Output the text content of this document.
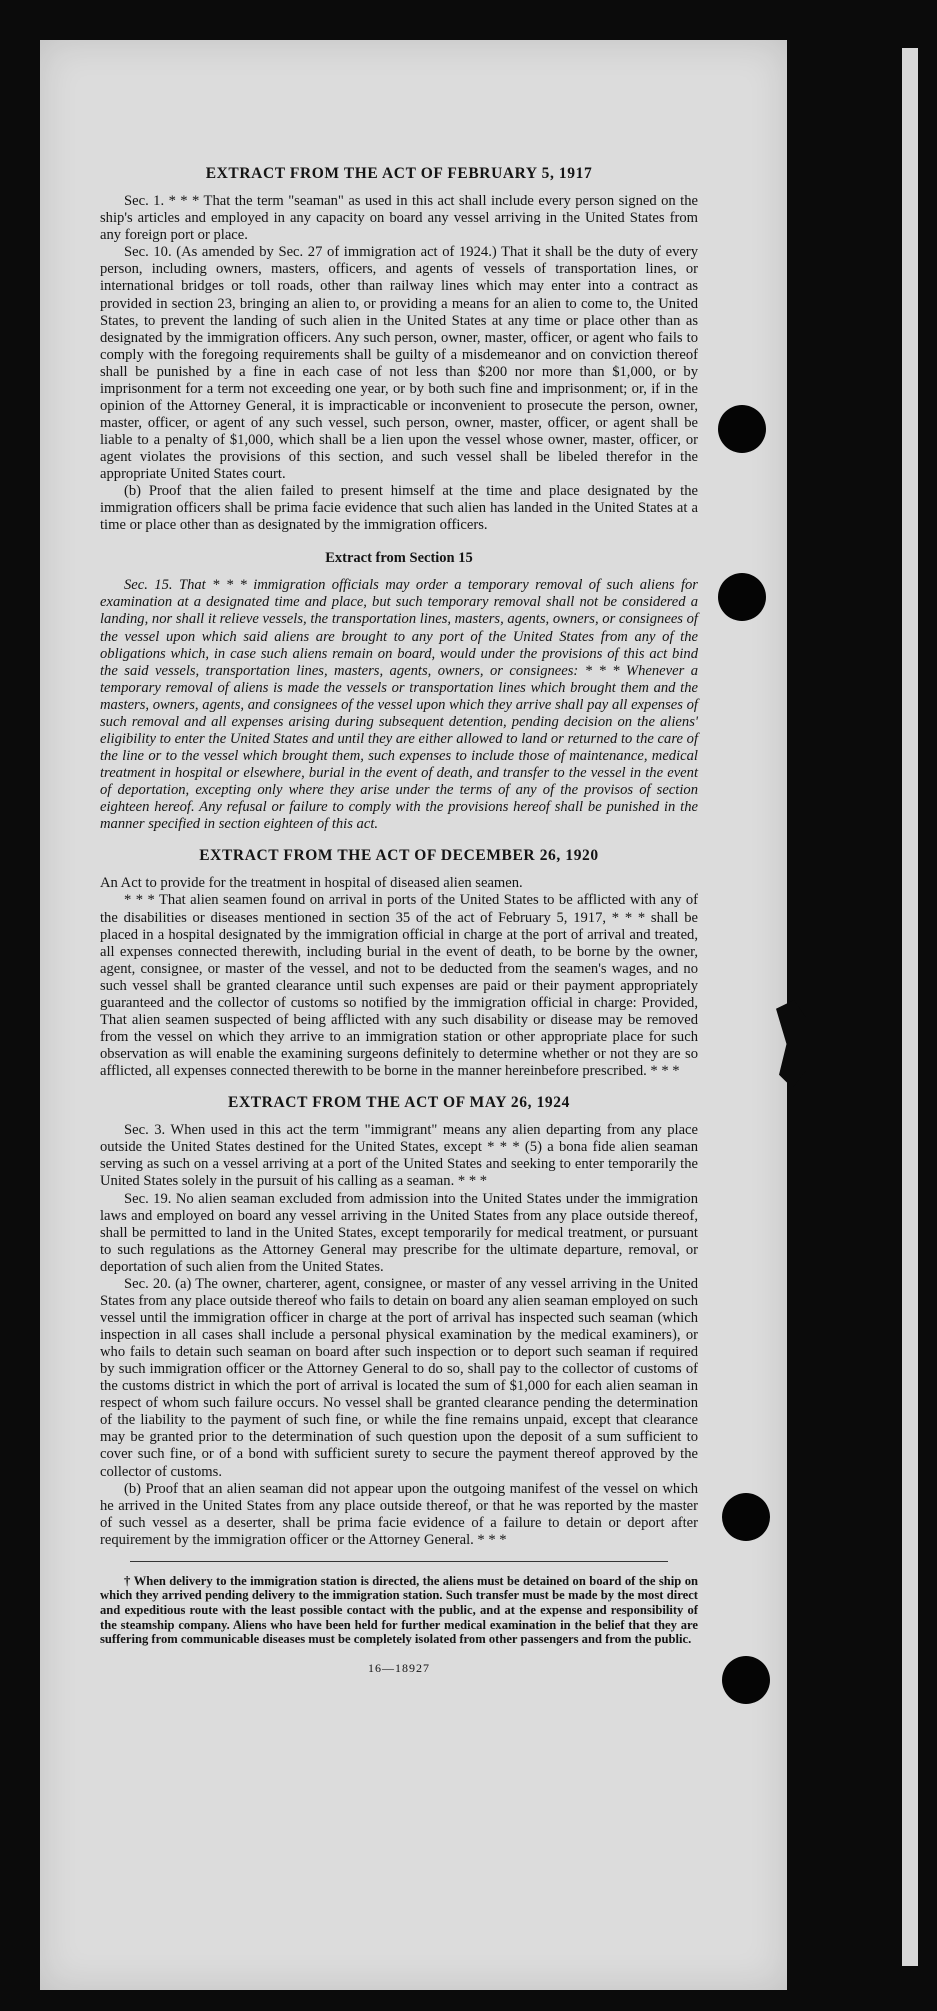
EXTRACT FROM THE ACT OF FEBRUARY 5, 1917

Sec. 1. * * * That the term "seaman" as used in this act shall include every person signed on the ship's articles and employed in any capacity on board any vessel arriving in the United States from any foreign port or place.

Sec. 10. (As amended by Sec. 27 of immigration act of 1924.) That it shall be the duty of every person, including owners, masters, officers, and agents of vessels of transportation lines, or international bridges or toll roads, other than railway lines which may enter into a contract as provided in section 23, bringing an alien to, or providing a means for an alien to come to, the United States, to prevent the landing of such alien in the United States at any time or place other than as designated by the immigration officers. Any such person, owner, master, officer, or agent who fails to comply with the foregoing requirements shall be guilty of a misdemeanor and on conviction thereof shall be punished by a fine in each case of not less than $200 nor more than $1,000, or by imprisonment for a term not exceeding one year, or by both such fine and imprisonment; or, if in the opinion of the Attorney General, it is impracticable or inconvenient to prosecute the person, owner, master, officer, or agent of any such vessel, such person, owner, master, officer, or agent shall be liable to a penalty of $1,000, which shall be a lien upon the vessel whose owner, master, officer, or agent violates the provisions of this section, and such vessel shall be libeled therefor in the appropriate United States court.

(b) Proof that the alien failed to present himself at the time and place designated by the immigration officers shall be prima facie evidence that such alien has landed in the United States at a time or place other than as designated by the immigration officers.

Extract from Section 15

Sec. 15. That * * * immigration officials may order a temporary removal of such aliens for examination at a designated time and place, but such temporary removal shall not be considered a landing, nor shall it relieve vessels, the transportation lines, masters, agents, owners, or consignees of the vessel upon which said aliens are brought to any port of the United States from any of the obligations which, in case such aliens remain on board, would under the provisions of this act bind the said vessels, transportation lines, masters, agents, owners, or consignees: * * * Whenever a temporary removal of aliens is made the vessels or transportation lines which brought them and the masters, owners, agents, and consignees of the vessel upon which they arrive shall pay all expenses of such removal and all expenses arising during subsequent detention, pending decision on the aliens' eligibility to enter the United States and until they are either allowed to land or returned to the care of the line or to the vessel which brought them, such expenses to include those of maintenance, medical treatment in hospital or elsewhere, burial in the event of death, and transfer to the vessel in the event of deportation, excepting only where they arise under the terms of any of the provisos of section eighteen hereof. Any refusal or failure to comply with the provisions hereof shall be punished in the manner specified in section eighteen of this act.

EXTRACT FROM THE ACT OF DECEMBER 26, 1920

An Act to provide for the treatment in hospital of diseased alien seamen.

* * * That alien seamen found on arrival in ports of the United States to be afflicted with any of the disabilities or diseases mentioned in section 35 of the act of February 5, 1917, * * * shall be placed in a hospital designated by the immigration official in charge at the port of arrival and treated, all expenses connected therewith, including burial in the event of death, to be borne by the owner, agent, consignee, or master of the vessel, and not to be deducted from the seamen's wages, and no such vessel shall be granted clearance until such expenses are paid or their payment appropriately guaranteed and the collector of customs so notified by the immigration official in charge: Provided, That alien seamen suspected of being afflicted with any such disability or disease may be removed from the vessel on which they arrive to an immigration station or other appropriate place for such observation as will enable the examining surgeons definitely to determine whether or not they are so afflicted, all expenses connected therewith to be borne in the manner hereinbefore prescribed. * * *

EXTRACT FROM THE ACT OF MAY 26, 1924

Sec. 3. When used in this act the term "immigrant" means any alien departing from any place outside the United States destined for the United States, except * * * (5) a bona fide alien seaman serving as such on a vessel arriving at a port of the United States and seeking to enter temporarily the United States solely in the pursuit of his calling as a seaman. * * *

Sec. 19. No alien seaman excluded from admission into the United States under the immigration laws and employed on board any vessel arriving in the United States from any place outside thereof, shall be permitted to land in the United States, except temporarily for medical treatment, or pursuant to such regulations as the Attorney General may prescribe for the ultimate departure, removal, or deportation of such alien from the United States.

Sec. 20. (a) The owner, charterer, agent, consignee, or master of any vessel arriving in the United States from any place outside thereof who fails to detain on board any alien seaman employed on such vessel until the immigration officer in charge at the port of arrival has inspected such seaman (which inspection in all cases shall include a personal physical examination by the medical examiners), or who fails to detain such seaman on board after such inspection or to deport such seaman if required by such immigration officer or the Attorney General to do so, shall pay to the collector of customs of the customs district in which the port of arrival is located the sum of $1,000 for each alien seaman in respect of whom such failure occurs. No vessel shall be granted clearance pending the determination of the liability to the payment of such fine, or while the fine remains unpaid, except that clearance may be granted prior to the determination of such question upon the deposit of a sum sufficient to cover such fine, or of a bond with sufficient surety to secure the payment thereof approved by the collector of customs.

(b) Proof that an alien seaman did not appear upon the outgoing manifest of the vessel on which he arrived in the United States from any place outside thereof, or that he was reported by the master of such vessel as a deserter, shall be prima facie evidence of a failure to detain or deport after requirement by the immigration officer or the Attorney General. * * *

† When delivery to the immigration station is directed, the aliens must be detained on board of the ship on which they arrived pending delivery to the immigration station. Such transfer must be made by the most direct and expeditious route with the least possible contact with the public, and at the expense and responsibility of the steamship company. Aliens who have been held for further medical examination in the belief that they are suffering from communicable diseases must be completely isolated from other passengers and from the public.

16—18927
